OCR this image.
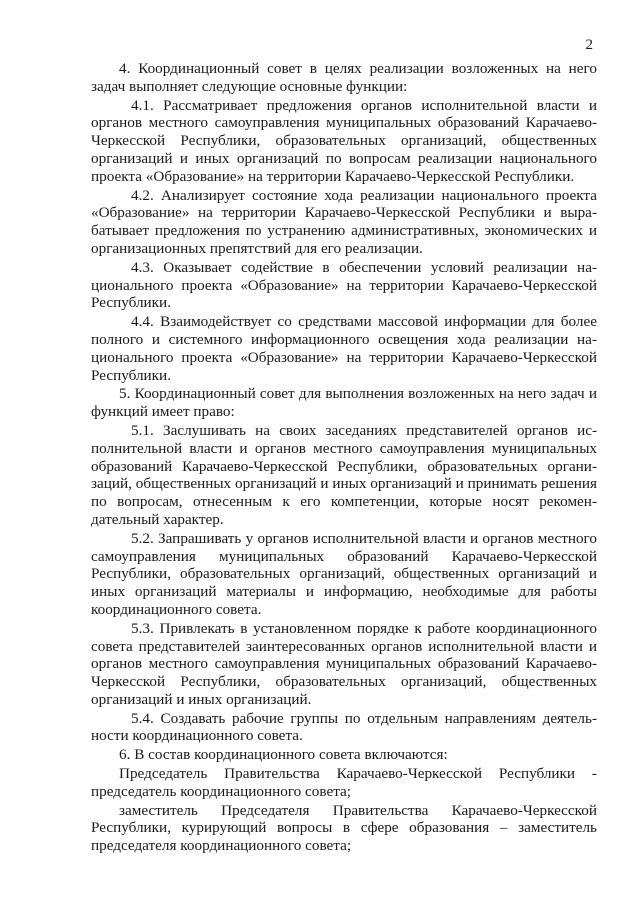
2

4. Координационный совет в целях реализации возложенных на него задач выполняет следующие основные функции:

4.1. Рассматривает предложения органов исполнительной власти и органов местного самоуправления муниципальных образований Карачаево-Черкесской Республики, образовательных организаций, общественных организаций и иных организаций по вопросам реализации национального проекта «Образование» на территории Карачаево-Черкесской Республики.

4.2. Анализирует состояние хода реализации национального проекта «Образование» на территории Карачаево-Черкесской Республики и вырабатывает предложения по устранению административных, экономических и организационных препятствий для его реализации.

4.3. Оказывает содействие в обеспечении условий реализации национального проекта «Образование» на территории Карачаево-Черкесской Республики.

4.4. Взаимодействует со средствами массовой информации для более полного и системного информационного освещения хода реализации национального проекта «Образование» на территории Карачаево-Черкесской Республики.

5. Координационный совет для выполнения возложенных на него задач и функций имеет право:

5.1. Заслушивать на своих заседаниях представителей органов исполнительной власти и органов местного самоуправления муниципальных образований Карачаево-Черкесской Республики, образовательных организаций, общественных организаций и иных организаций и принимать решения по вопросам, отнесенным к его компетенции, которые носят рекомендательный характер.

5.2. Запрашивать у органов исполнительной власти и органов местного самоуправления муниципальных образований Карачаево-Черкесской Республики, образовательных организаций, общественных организаций и иных организаций материалы и информацию, необходимые для работы координационного совета.

5.3. Привлекать в установленном порядке к работе координационного совета представителей заинтересованных органов исполнительной власти и органов местного самоуправления муниципальных образований Карачаево-Черкесской Республики, образовательных организаций, общественных организаций и иных организаций.

5.4. Создавать рабочие группы по отдельным направлениям деятельности координационного совета.

6. В состав координационного совета включаются:

Председатель Правительства Карачаево-Черкесской Республики - председатель координационного совета;

заместитель Председателя Правительства Карачаево-Черкесской Республики, курирующий вопросы в сфере образования – заместитель председателя координационного совета;
